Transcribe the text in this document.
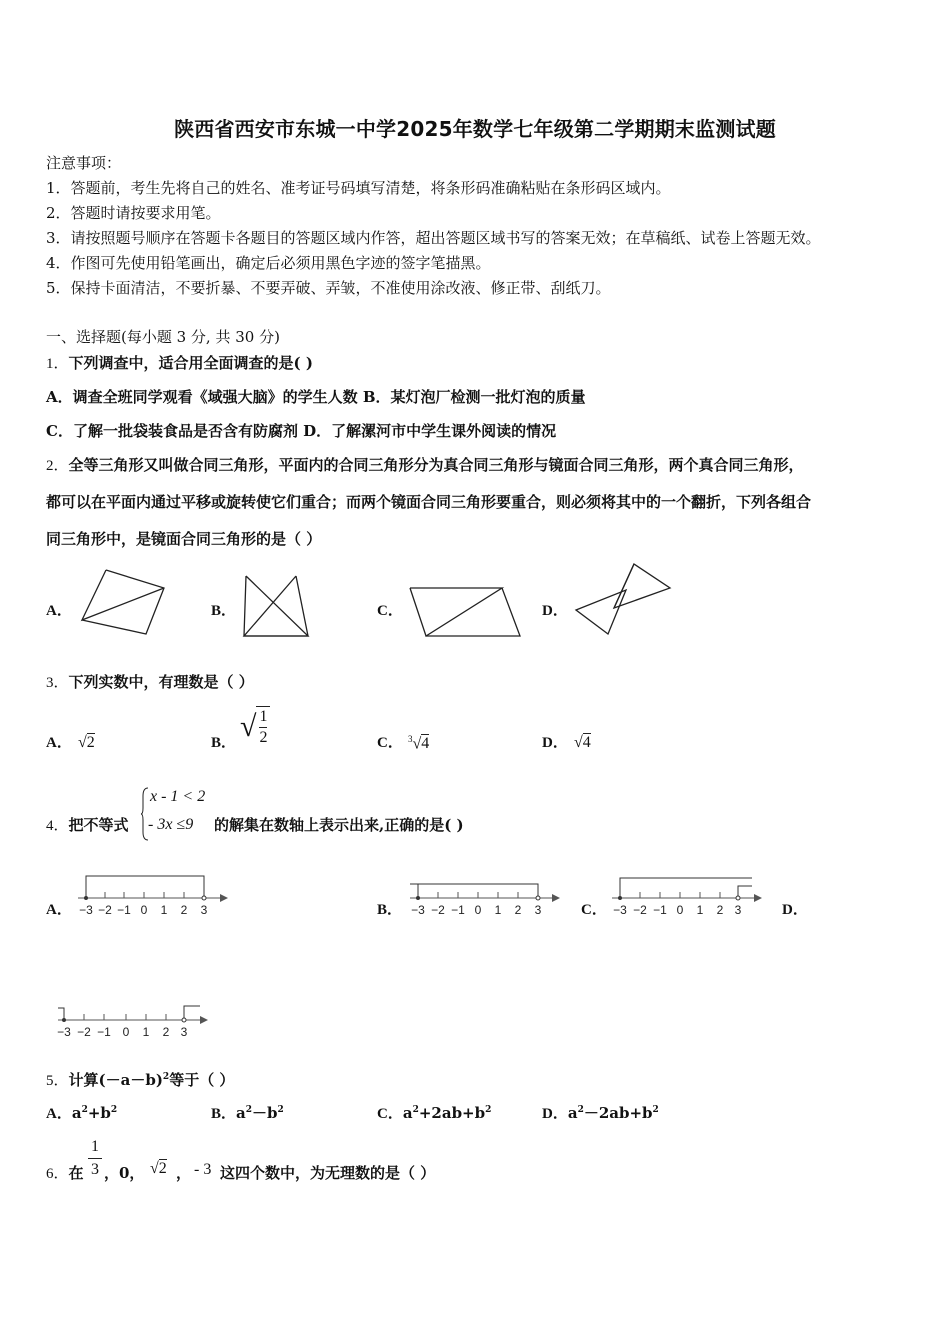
陕西省西安市东城一中学2025年数学七年级第二学期期末监测试题
注意事项：
1．答题前，考生先将自己的姓名、准考证号码填写清楚，将条形码准确粘贴在条形码区域内。
2．答题时请按要求用笔。
3．请按照题号顺序在答题卡各题目的答题区域内作答，超出答题区域书写的答案无效；在草稿纸、试卷上答题无效。
4．作图可先使用铅笔画出，确定后必须用黑色字迹的签字笔描黑。
5．保持卡面清洁，不要折暴、不要弄破、弄皱，不准使用涂改液、修正带、刮纸刀。
一、选择题(每小题 3 分, 共 30 分)
1．下列调查中，适合用全面调查的是( )
A．调查全班同学观看《域强大脑》的学生人数 B．某灯泡厂检测一批灯泡的质量
C．了解一批袋装食品是否含有防腐剂 D．了解漯河市中学生课外阅读的情况
2．全等三角形又叫做合同三角形，平面内的合同三角形分为真合同三角形与镜面合同三角形，两个真合同三角形，
都可以在平面内通过平移或旋转使它们重合；而两个镜面合同三角形要重合，则必须将其中的一个翻折，下列各组合
同三角形中，是镜面合同三角形的是（ ）
A．	B．	C．	D．
3．下列实数中，有理数是（ ）
A． √2	B． √ $\frac{1}{2}$	C． $^3$√4	D． √4
4．把不等式
x - 1 < 2
- 3x ≤9 的解集在数轴上表示出来,正确的是( )
A． −3 −2 −1 0 1 2 3	B． −3 −2 −1 0 1 2 3	C． −3 −2 −1 0 1 2 3	D．
−3 −2 −1 0 1 2 3
5．计算$(-a-b)^2$等于（ ）
A．$a^2+b^2$	B．$a^2-b^2$	C．$a^2+2ab+b^2$	D．$a^2-2ab+b^2$
6．在 $\frac{1}{3}$ ，0， √2 ， - 3 这四个数中，为无理数的是（ ）
